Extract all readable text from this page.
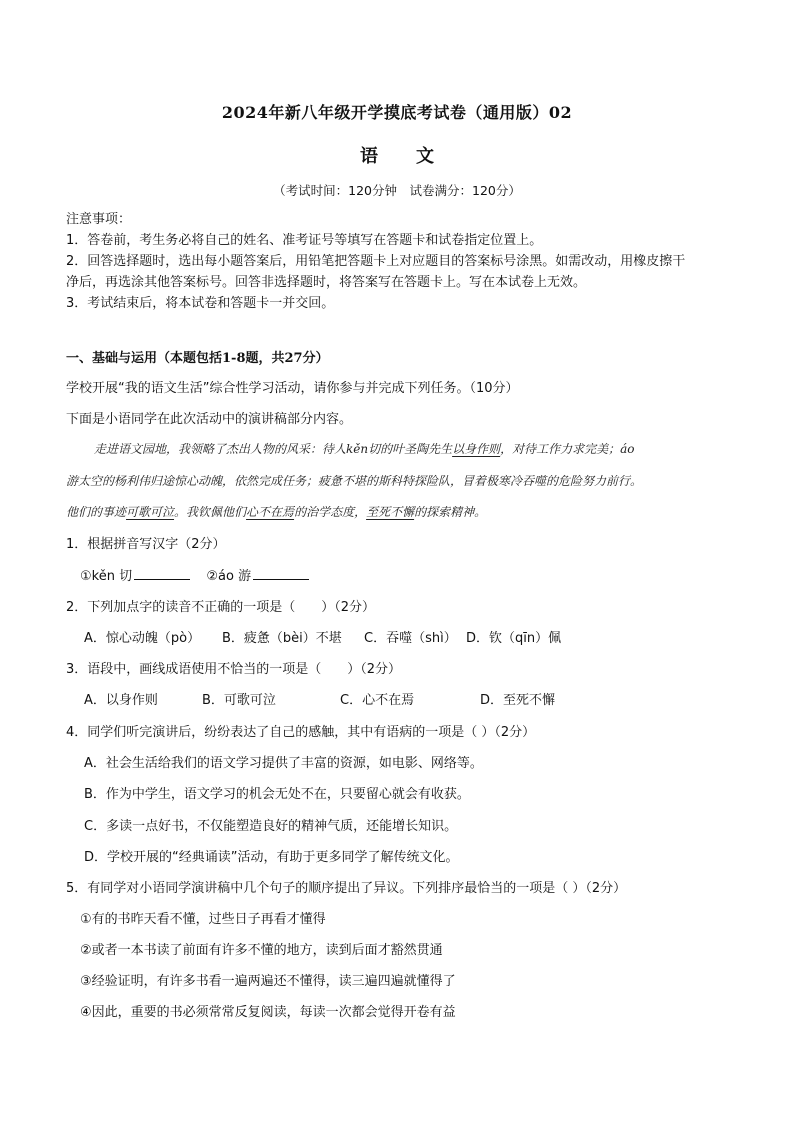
2024年新八年级开学摸底考试卷（通用版）02
语文
（考试时间：120分钟　试卷满分：120分）
注意事项：
1．答卷前，考生务必将自己的姓名、准考证号等填写在答题卡和试卷指定位置上。
2．回答选择题时，选出每小题答案后，用铅笔把答题卡上对应题目的答案标号涂黑。如需改动，用橡皮擦干
净后，再选涂其他答案标号。回答非选择题时，将答案写在答题卡上。写在本试卷上无效。
3．考试结束后，将本试卷和答题卡一并交回。
一、基础与运用（本题包括1-8题，共27分）
学校开展“我的语文生活”综合性学习活动，请你参与并完成下列任务。（10分）
下面是小语同学在此次活动中的演讲稿部分内容。
走进语文园地，我领略了杰出人物的风采：待人kěn切的叶圣陶先生以身作则，对待工作力求完美；áo
游太空的杨利伟归途惊心动魄，依然完成任务；疲惫不堪的斯科特探险队，冒着极寒冷吞噬的危险努力前行。
他们的事迹可歌可泣。我钦佩他们心不在焉的治学态度，至死不懈的探索精神。
1．根据拼音写汉字（2分）
①kěn 切	②áo 游
2．下列加点字的读音不正确的一项是（　　）（2分）
A．惊心动魄（pò） B．疲惫（bèi）不堪 C．吞噬（shì） D．钦（qīn）佩
3．语段中，画线成语使用不恰当的一项是（　　）（2分）
A．以身作则	B．可歌可泣	C．心不在焉	D．至死不懈
4．同学们听完演讲后，纷纷表达了自己的感触，其中有语病的一项是（ ）（2分）
A．社会生活给我们的语文学习提供了丰富的资源，如电影、网络等。
B．作为中学生，语文学习的机会无处不在，只要留心就会有收获。
C．多读一点好书，不仅能塑造良好的精神气质，还能增长知识。
D．学校开展的“经典诵读”活动，有助于更多同学了解传统文化。
5．有同学对小语同学演讲稿中几个句子的顺序提出了异议。下列排序最恰当的一项是（ ）（2分）
①有的书昨天看不懂，过些日子再看才懂得
②或者一本书读了前面有许多不懂的地方，读到后面才豁然贯通
③经验证明，有许多书看一遍两遍还不懂得，读三遍四遍就懂得了
④因此，重要的书必须常常反复阅读，每读一次都会觉得开卷有益
